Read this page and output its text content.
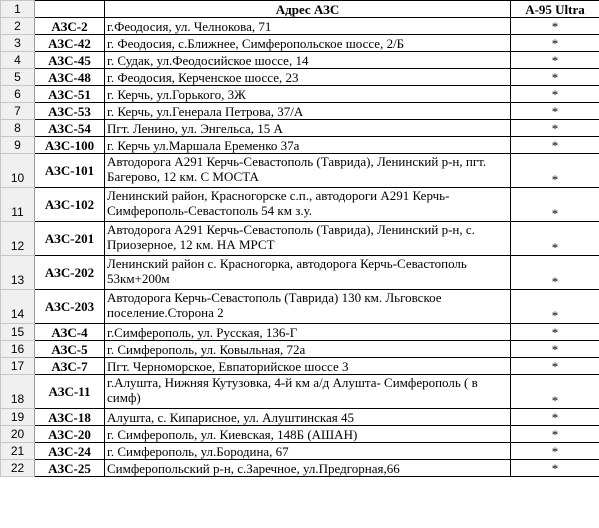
1		Адрес АЗС	А-95 Ultra
2	АЗС-2	г.Феодосия, ул. Челнокова, 71	*
3	АЗС-42	г. Феодосия, с.Ближнее, Симферопольское шоссе, 2/Б	*
4	АЗС-45	г. Судак, ул.Феодосийское шоссе, 14	*
5	АЗС-48	г. Феодосия, Керченское шоссе, 23	*
6	АЗС-51	г. Керчь, ул.Горького, 3Ж	*
7	АЗС-53	г. Керчь, ул.Генерала Петрова, 37/А	*
8	АЗС-54	Пгт. Ленино, ул. Энгельса, 15 А	*
9	АЗС-100	г. Керчь ул.Маршала Еременко 37а	*
10	АЗС-101	Автодорога А291 Керчь-Севастополь (Таврида), Ленинский р-н, пгт. Багерово, 12 км. С МОСТА	*
11	АЗС-102	Ленинский район, Красногорске с.п., автодороги А291 Керчь-Симферополь-Севастополь 54 км з.у.	*
12	АЗС-201	Автодорога А291 Керчь-Севастополь (Таврида), Ленинский р-н, с. Приозерное, 12 км. НА МРСТ	*
13	АЗС-202	Ленинский район с. Красногорка, автодорога Керчь-Севастополь 53км+200м	*
14	АЗС-203	Автодорога Керчь-Севастополь (Таврида) 130 км. Льговское поселение.Сторона 2	*
15	АЗС-4	г.Симферополь, ул. Русская, 136-Г	*
16	АЗС-5	г. Симферополь, ул. Ковыльная, 72а	*
17	АЗС-7	Пгт. Черноморское, Евпаторийское шоссе 3	*
18	АЗС-11	г.Алушта, Нижняя Кутузовка, 4-й км а/д Алушта- Симферополь ( в симф)	*
19	АЗС-18	Алушта, с. Кипарисное, ул. Алуштинская 45	*
20	АЗС-20	г. Симферополь, ул. Киевская, 148Б (АШАН)	*
21	АЗС-24	г. Симферополь, ул.Бородина, 67	*
22	АЗС-25	Симферопольский р-н, с.Заречное, ул.Предгорная,66	*
